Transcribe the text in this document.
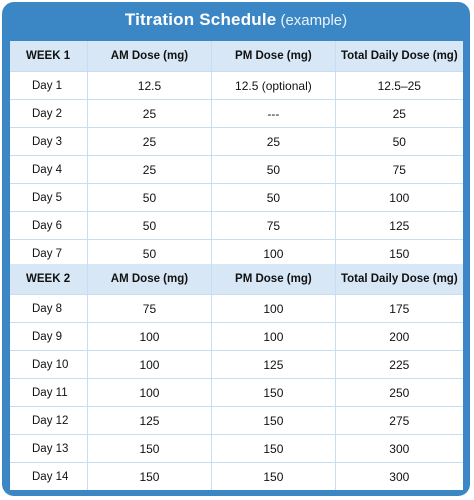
Titration Schedule (example)
WEEK 1	AM Dose (mg)	PM Dose (mg)	Total Daily Dose (mg)
Day 1	12.5	12.5 (optional)	12.5–25
Day 2	25	---	25
Day 3	25	25	50
Day 4	25	50	75
Day 5	50	50	100
Day 6	50	75	125
Day 7	50	100	150
WEEK 2	AM Dose (mg)	PM Dose (mg)	Total Daily Dose (mg)
Day 8	75	100	175
Day 9	100	100	200
Day 10	100	125	225
Day 11	100	150	250
Day 12	125	150	275
Day 13	150	150	300
Day 14	150	150	300
